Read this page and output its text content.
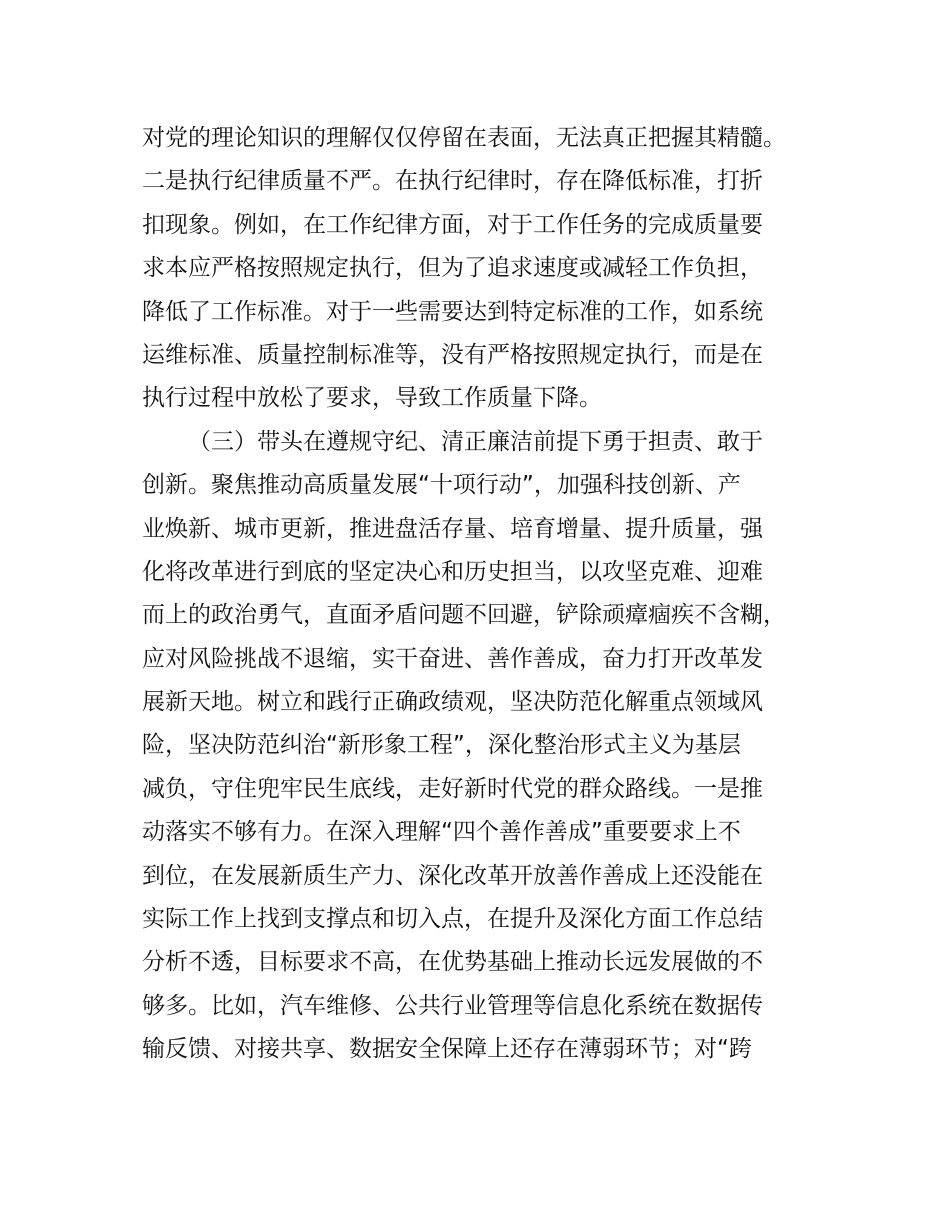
对党的理论知识的理解仅仅停留在表面，无法真正把握其精髓。
二是执行纪律质量不严。在执行纪律时，存在降低标准，打折
扣现象。例如，在工作纪律方面，对于工作任务的完成质量要
求本应严格按照规定执行，但为了追求速度或减轻工作负担，
降低了工作标准。对于一些需要达到特定标准的工作，如系统
运维标准、质量控制标准等，没有严格按照规定执行，而是在
执行过程中放松了要求，导致工作质量下降。
（三）带头在遵规守纪、清正廉洁前提下勇于担责、敢于
创新。聚焦推动高质量发展“十项行动”，加强科技创新、产
业焕新、城市更新，推进盘活存量、培育增量、提升质量，强
化将改革进行到底的坚定决心和历史担当，以攻坚克难、迎难
而上的政治勇气，直面矛盾问题不回避，铲除顽瘴痼疾不含糊，
应对风险挑战不退缩，实干奋进、善作善成，奋力打开改革发
展新天地。树立和践行正确政绩观，坚决防范化解重点领域风
险，坚决防范纠治“新形象工程”，深化整治形式主义为基层
减负，守住兜牢民生底线，走好新时代党的群众路线。一是推
动落实不够有力。在深入理解“四个善作善成”重要要求上不
到位，在发展新质生产力、深化改革开放善作善成上还没能在
实际工作上找到支撑点和切入点，在提升及深化方面工作总结
分析不透，目标要求不高，在优势基础上推动长远发展做的不
够多。比如，汽车维修、公共行业管理等信息化系统在数据传
输反馈、对接共享、数据安全保障上还存在薄弱环节；对“跨
